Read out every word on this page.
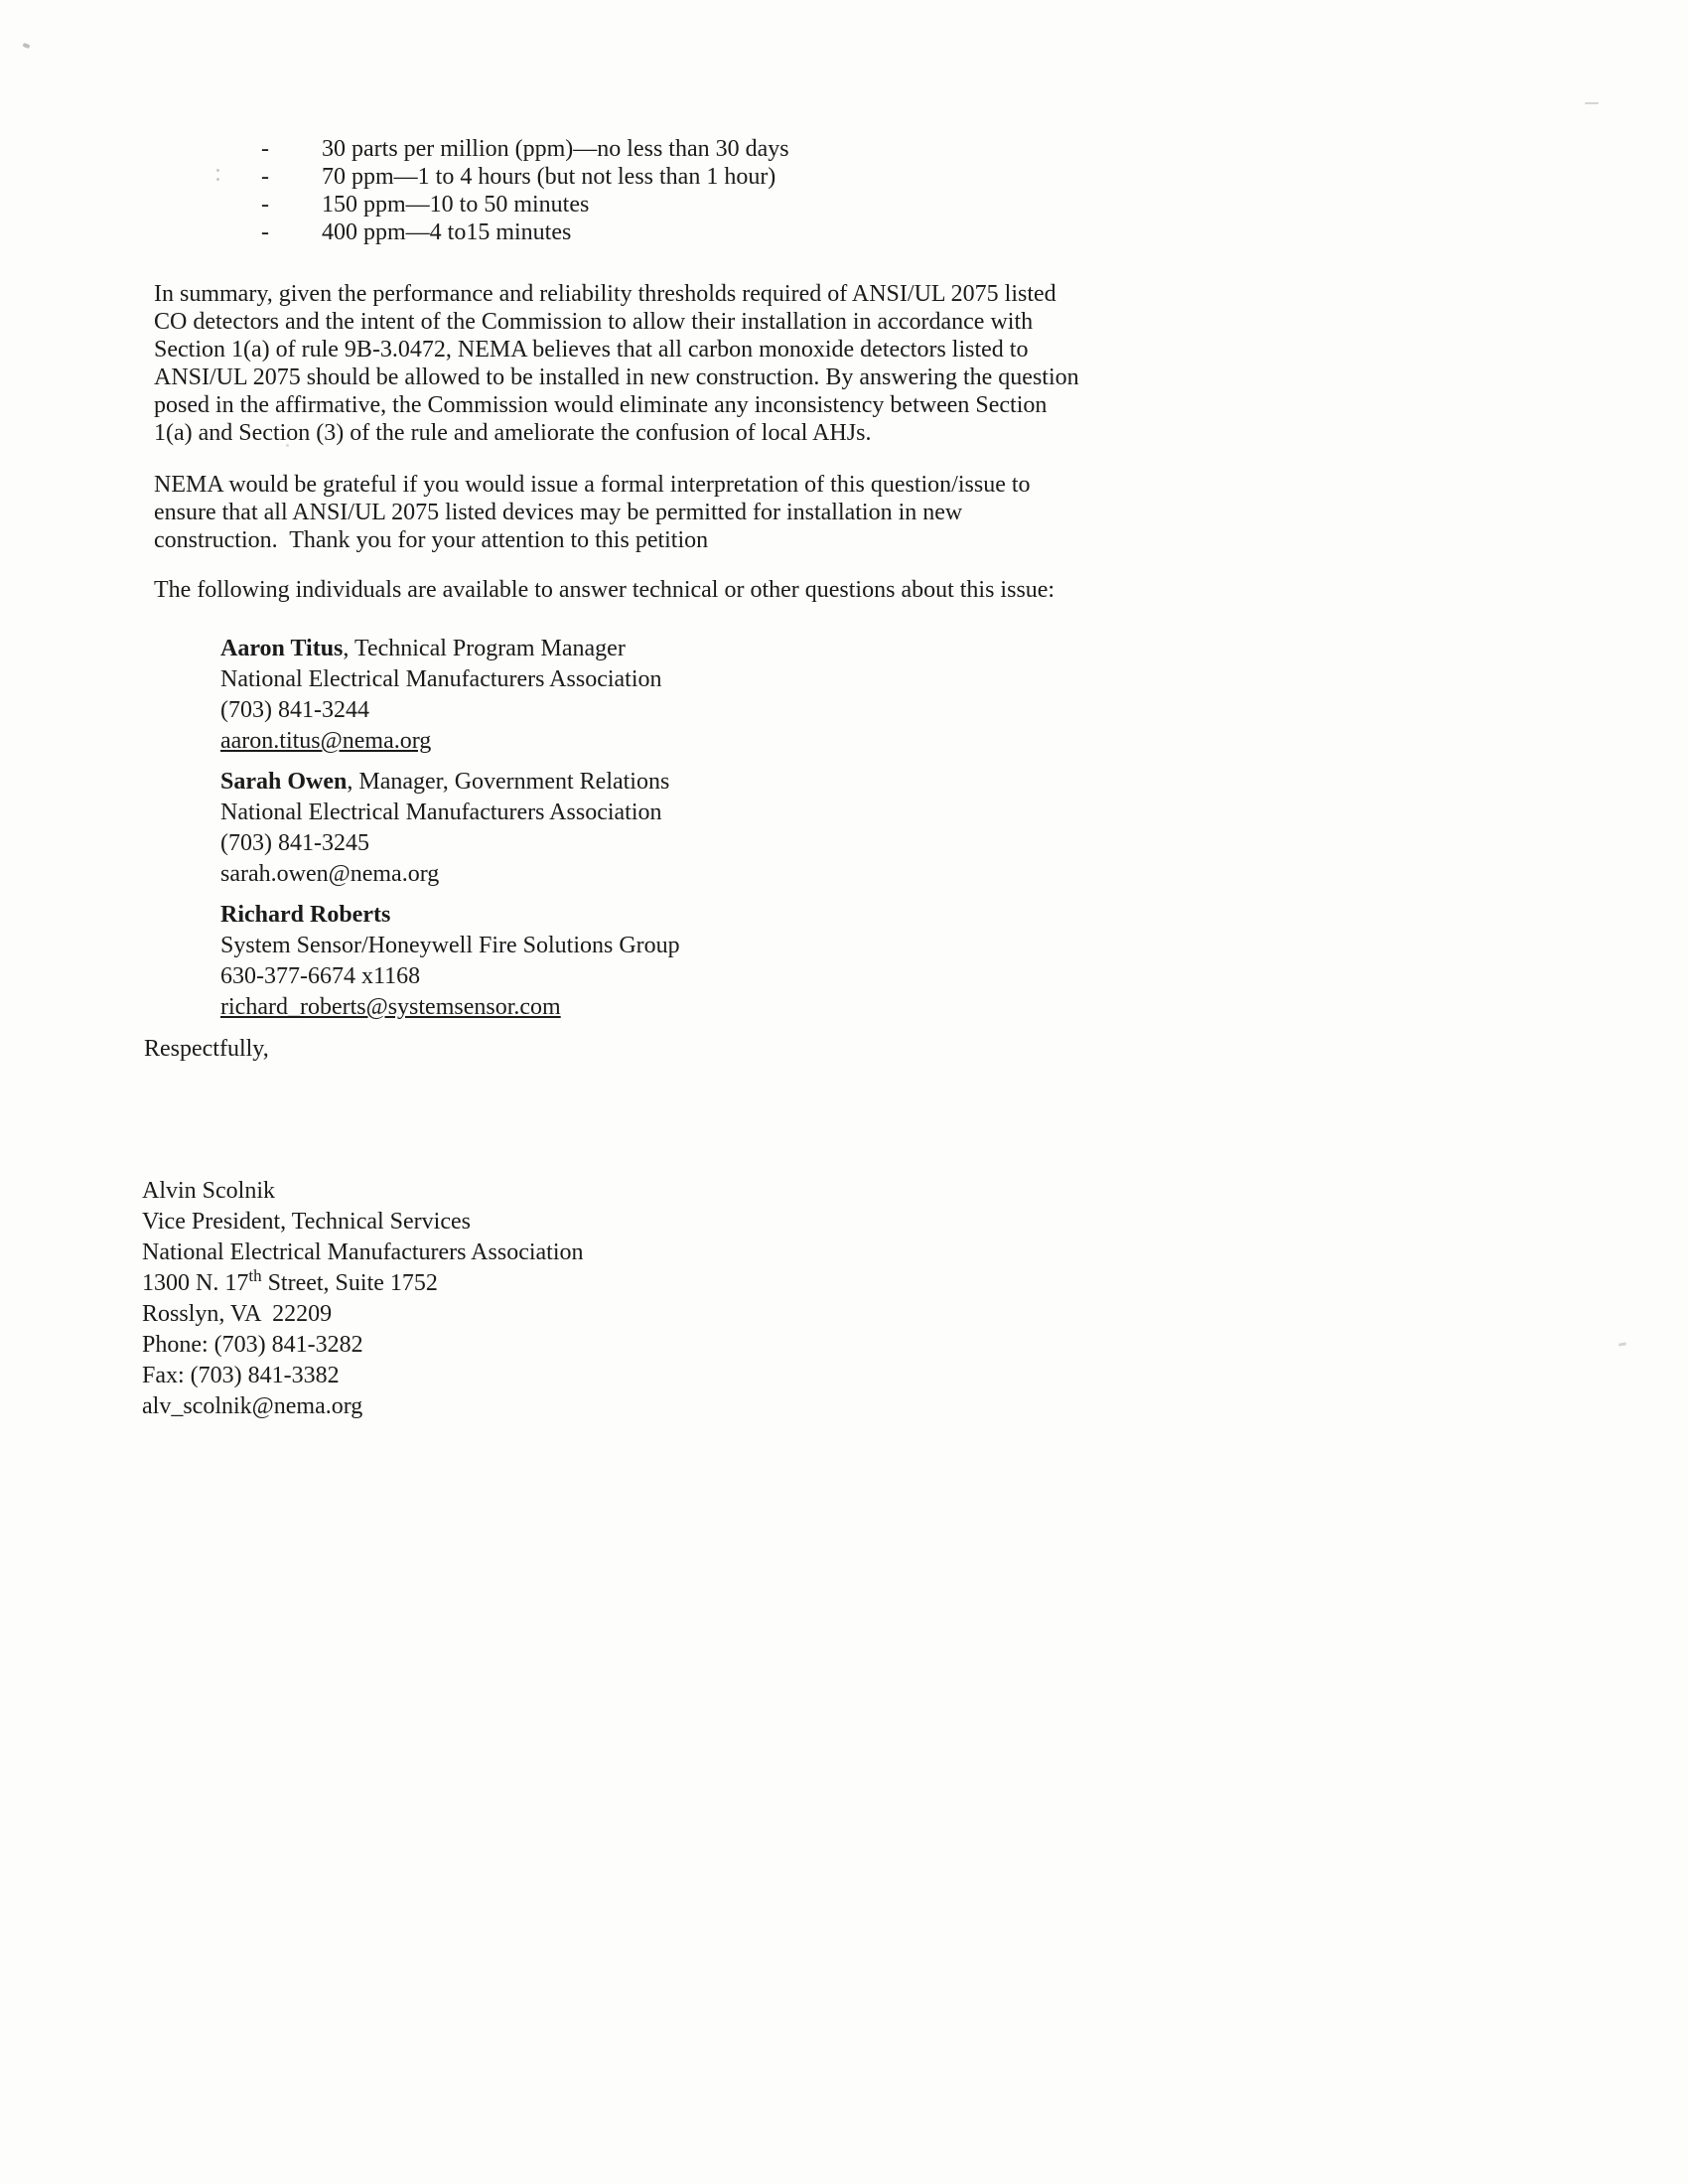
-	30 parts per million (ppm)—no less than 30 days
-	70 ppm—1 to 4 hours (but not less than 1 hour)
-	150 ppm—10 to 50 minutes
-	400 ppm—4 to15 minutes
In summary, given the performance and reliability thresholds required of ANSI/UL 2075 listed
CO detectors and the intent of the Commission to allow their installation in accordance with
Section 1(a) of rule 9B-3.0472, NEMA believes that all carbon monoxide detectors listed to
ANSI/UL 2075 should be allowed to be installed in new construction. By answering the question
posed in the affirmative, the Commission would eliminate any inconsistency between Section
1(a) and Section (3) of the rule and ameliorate the confusion of local AHJs.
NEMA would be grateful if you would issue a formal interpretation of this question/issue to
ensure that all ANSI/UL 2075 listed devices may be permitted for installation in new
construction.  Thank you for your attention to this petition
The following individuals are available to answer technical or other questions about this issue:
Aaron Titus, Technical Program Manager
National Electrical Manufacturers Association
(703) 841-3244
aaron.titus@nema.org
Sarah Owen, Manager, Government Relations
National Electrical Manufacturers Association
(703) 841-3245
sarah.owen@nema.org
Richard Roberts
System Sensor/Honeywell Fire Solutions Group
630-377-6674 x1168
richard_roberts@systemsensor.com
Respectfully,
Alvin Scolnik
Vice President, Technical Services
National Electrical Manufacturers Association
1300 N. 17th Street, Suite 1752
Rosslyn, VA  22209
Phone: (703) 841-3282
Fax: (703) 841-3382
alv_scolnik@nema.org
